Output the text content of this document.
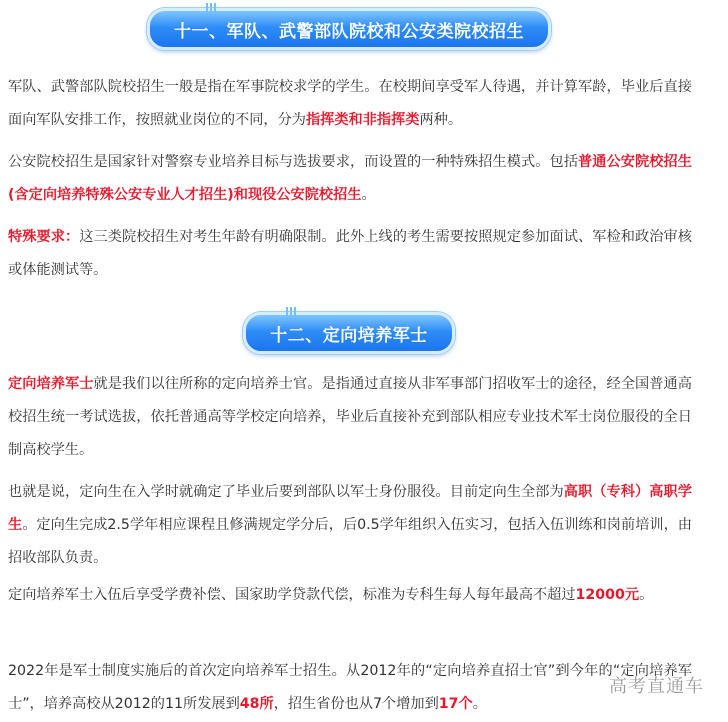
十一、军队、武警部队院校和公安类院校招生

军队、武警部队院校招生一般是指在军事院校求学的学生。在校期间享受军人待遇，并计算军龄，毕业后直接面向军队安排工作，按照就业岗位的不同，分为指挥类和非指挥类两种。

公安院校招生是国家针对警察专业培养目标与选拔要求，而设置的一种特殊招生模式。包括普通公安院校招生(含定向培养特殊公安专业人才招生)和现役公安院校招生。

特殊要求：这三类院校招生对考生年龄有明确限制。此外上线的考生需要按照规定参加面试、军检和政治审核或体能测试等。

十二、定向培养军士

定向培养军士就是我们以往所称的定向培养士官。是指通过直接从非军事部门招收军士的途径，经全国普通高校招生统一考试选拔，依托普通高等学校定向培养，毕业后直接补充到部队相应专业技术军士岗位服役的全日制高校学生。

也就是说，定向生在入学时就确定了毕业后要到部队以军士身份服役。目前定向生全部为高职（专科）高职学生。定向生完成2.5学年相应课程且修满规定学分后，后0.5学年组织入伍实习，包括入伍训练和岗前培训，由招收部队负责。

定向培养军士入伍后享受学费补偿、国家助学贷款代偿，标准为专科生每人每年最高不超过12000元。

2022年是军士制度实施后的首次定向培养军士招生。从2012年的“定向培养直招士官”到今年的“定向培养军士”，培养高校从2012的11所发展到48所，招生省份也从7个增加到17个。

高考直通车
